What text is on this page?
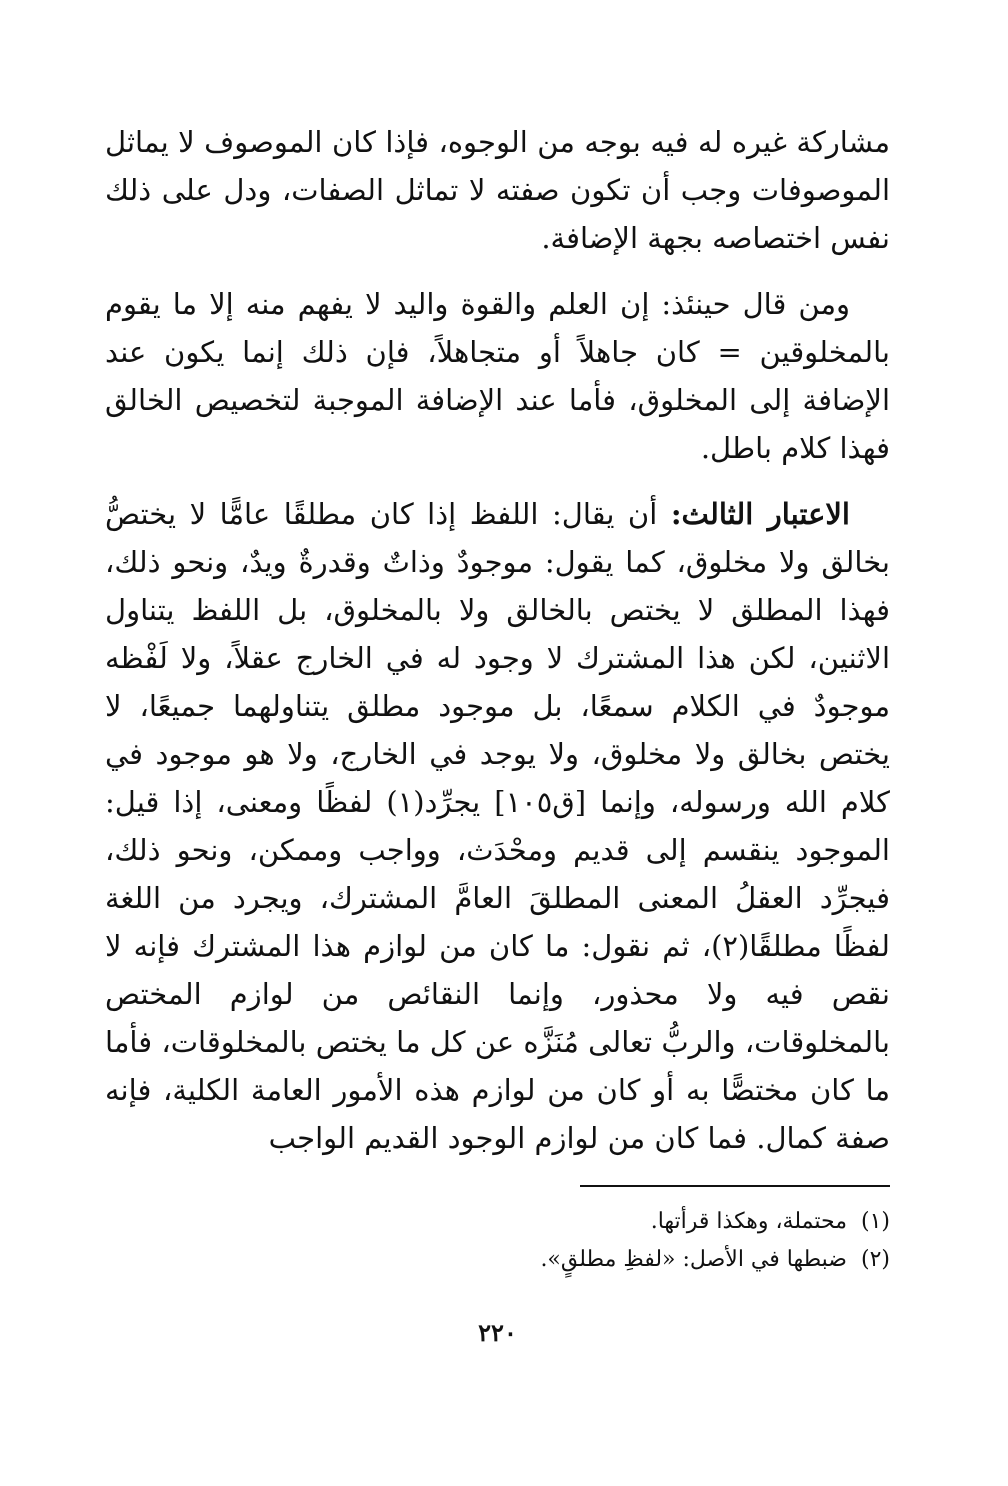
مشاركة غيره له فيه بوجه من الوجوه، فإذا كان الموصوف لا يماثل الموصوفات وجب أن تكون صفته لا تماثل الصفات، ودل على ذلك نفس اختصاصه بجهة الإضافة.

ومن قال حينئذ: إن العلم والقوة واليد لا يفهم منه إلا ما يقوم بالمخلوقين = كان جاهلاً أو متجاهلاً، فإن ذلك إنما يكون عند الإضافة إلى المخلوق، فأما عند الإضافة الموجبة لتخصيص الخالق فهذا كلام باطل.

الاعتبار الثالث: أن يقال: اللفظ إذا كان مطلقًا عامًّا لا يختصُّ بخالق ولا مخلوق، كما يقول: موجودٌ وذاتٌ وقدرةٌ ويدٌ، ونحو ذلك، فهذا المطلق لا يختص بالخالق ولا بالمخلوق، بل اللفظ يتناول الاثنين، لكن هذا المشترك لا وجود له في الخارج عقلاً، ولا لَفْظه موجودٌ في الكلام سمعًا، بل موجود مطلق يتناولهما جميعًا، لا يختص بخالق ولا مخلوق، ولا يوجد في الخارج، ولا هو موجود في كلام الله ورسوله، وإنما [ق١٠٥] يجرِّد(١) لفظًا ومعنى، إذا قيل: الموجود ينقسم إلى قديم ومحْدَث، وواجب وممكن، ونحو ذلك، فيجرِّد العقلُ المعنى المطلقَ العامَّ المشترك، ويجرد من اللغة لفظًا مطلقًا(٢)، ثم نقول: ما كان من لوازم هذا المشترك فإنه لا نقص فيه ولا محذور، وإنما النقائص من لوازم المختص بالمخلوقات، والربُّ تعالى مُنَزَّه عن كل ما يختص بالمخلوقات، فأما ما كان مختصًّا به أو كان من لوازم هذه الأمور العامة الكلية، فإنه صفة كمال. فما كان من لوازم الوجود القديم الواجب

(١)
محتملة، وهكذا قرأتها.
(٢)
ضبطها في الأصل: «لفظِ مطلقٍ».
٢٢٠
